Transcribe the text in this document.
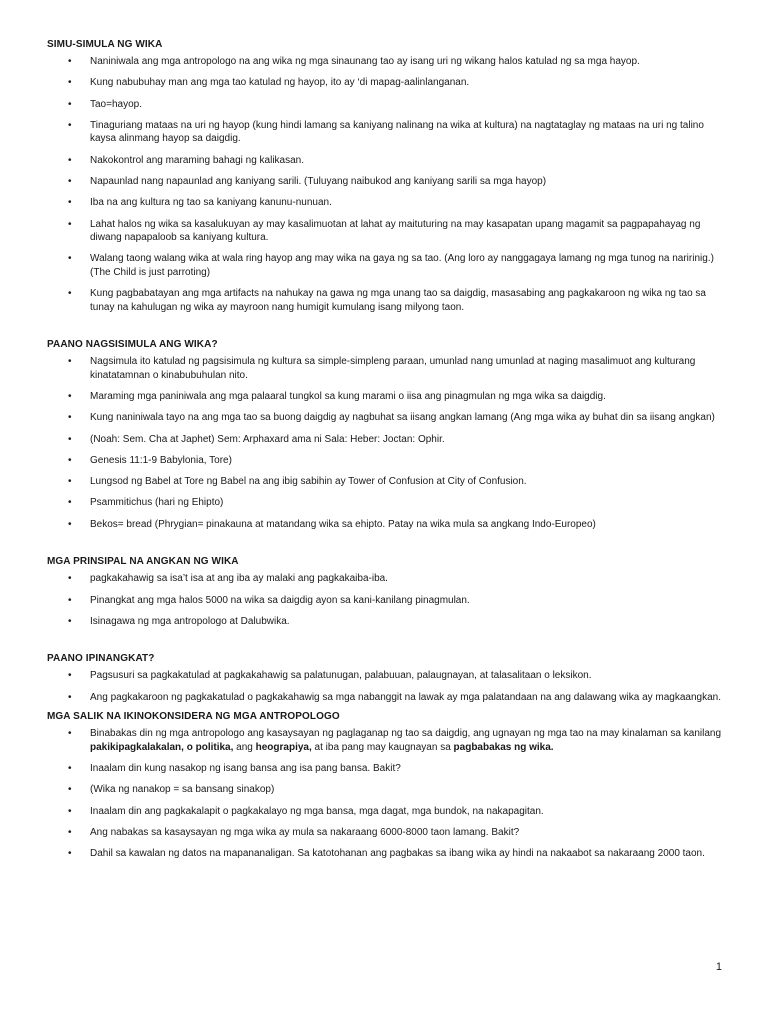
SIMU-SIMULA NG WIKA
• Naniniwala ang mga antropologo na ang wika ng mga sinaunang tao ay isang uri ng wikang halos katulad ng sa mga hayop.
• Kung nabubuhay man ang mga tao katulad ng hayop, ito ay ‘di mapag-aalinlanganan.
• Tao=hayop.
• Tinaguriang mataas na uri ng hayop (kung hindi lamang sa kaniyang nalinang na wika at kultura) na nagtataglay ng mataas na uri ng talino kaysa alinmang hayop sa daigdig.
• Nakokontrol ang maraming bahagi ng kalikasan.
• Napaunlad nang napaunlad ang kaniyang sarili. (Tuluyang naibukod ang kaniyang sarili sa mga hayop)
• Iba na ang kultura ng tao sa kaniyang kanunu-nunuan.
• Lahat halos ng wika sa kasalukuyan ay may kasalimuotan at lahat ay maituturing na may kasapatan upang magamit sa pagpapahayag ng diwang napapaloob sa kaniyang kultura.
• Walang taong walang wika at wala ring hayop ang may wika na gaya ng sa tao. (Ang loro ay nanggagaya lamang ng mga tunog na naririnig.) (The Child is just parroting)
• Kung pagbabatayan ang mga artifacts na nahukay na gawa ng mga unang tao sa daigdig, masasabing ang pagkakaroon ng wika ng tao sa tunay na kahulugan ng wika ay mayroon nang humigit kumulang isang milyong taon.
PAANO NAGSISIMULA ANG WIKA?
• Nagsimula ito katulad ng pagsisimula ng kultura sa simple-simpleng paraan, umunlad nang umunlad at naging masalimuot ang kulturang kinatatamnan o kinabubuhulan nito.
• Maraming mga paniniwala ang mga palaaral tungkol sa kung marami o iisa ang pinagmulan ng mga wika sa daigdig.
• Kung naniniwala tayo na ang mga tao sa buong daigdig ay nagbuhat sa iisang angkan lamang (Ang mga wika ay buhat din sa iisang angkan)
• (Noah: Sem. Cha at Japhet) Sem: Arphaxard ama ni Sala: Heber: Joctan: Ophir.
• Genesis 11:1-9 Babylonia, Tore)
• Lungsod ng Babel at Tore ng Babel na ang ibig sabihin ay Tower of Confusion at City of Confusion.
• Psammitichus (hari ng Ehipto)
• Bekos= bread (Phrygian= pinakauna at matandang wika sa ehipto. Patay na wika mula sa angkang Indo-Europeo)
MGA PRINSIPAL NA ANGKAN NG WIKA
• pagkakahawig sa isa’t isa at ang iba ay malaki ang pagkakaiba-iba.
• Pinangkat ang mga halos 5000 na wika sa daigdig ayon sa kani-kanilang pinagmulan.
• Isinagawa ng mga antropologo at Dalubwika.
PAANO IPINANGKAT?
• Pagsusuri sa pagkakatulad at pagkakahawig sa palatunugan, palabuuan, palaugnayan, at talasalitaan o leksikon.
• Ang pagkakaroon ng pagkakatulad o pagkakahawig sa mga nabanggit na lawak ay mga palatandaan na ang dalawang wika ay magkaangkan.
MGA SALIK NA IKINOKONSIDERA NG MGA ANTROPOLOGO
• Binabakas din ng mga antropologo ang kasaysayan ng paglaganap ng tao sa daigdig, ang ugnayan ng mga tao na may kinalaman sa kanilang pakikipagkalakalan, o politika, ang heograpiya, at iba pang may kaugnayan sa pagbabakas ng wika.
• Inaalam din kung nasakop ng isang bansa ang isa pang bansa. Bakit?
• (Wika ng nanakop = sa bansang sinakop)
• Inaalam din ang pagkakalapit o pagkakalayo ng mga bansa, mga dagat, mga bundok, na nakapagitan.
• Ang nabakas sa kasaysayan ng mga wika ay mula sa nakaraang 6000-8000 taon lamang. Bakit?
• Dahil sa kawalan ng datos na mapananaligan. Sa katotohanan ang pagbakas sa ibang wika ay hindi na nakaabot sa nakaraang 2000 taon.
1
